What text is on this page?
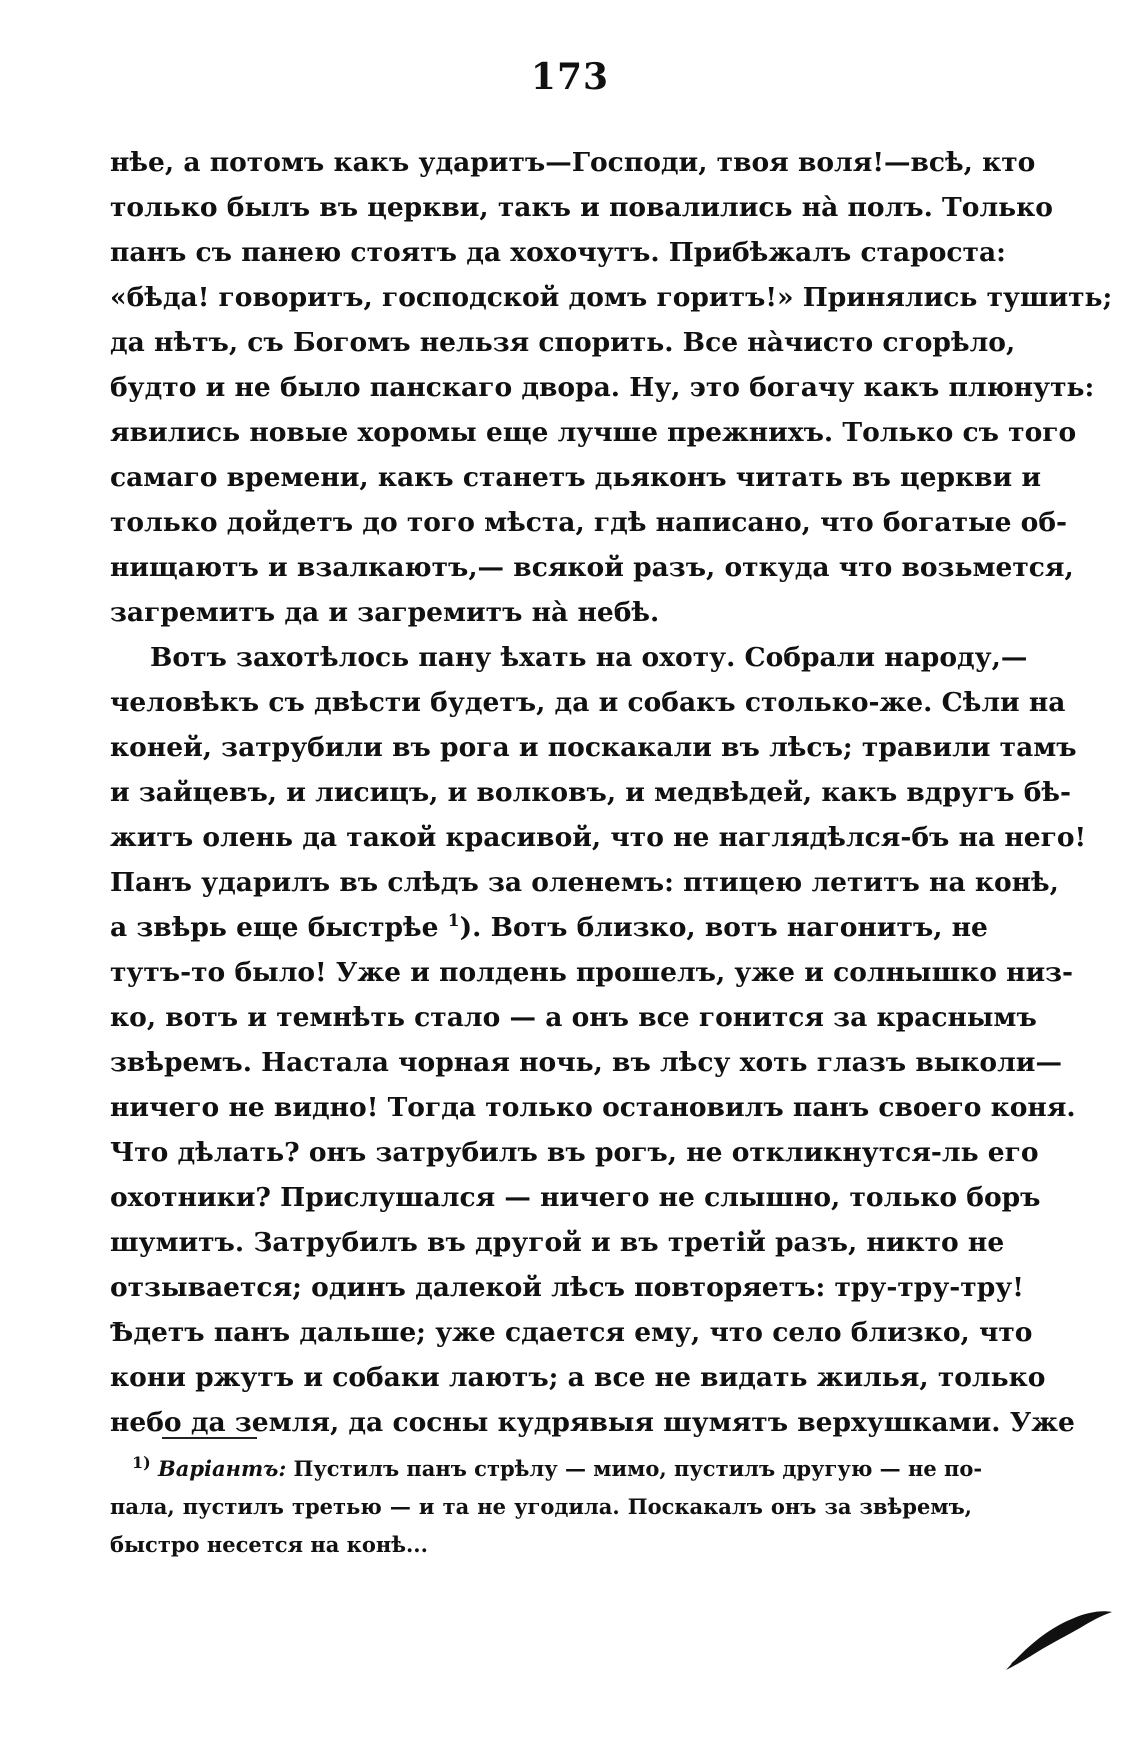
173
нѣе, а потомъ какъ ударитъ—Господи, твоя воля!—всѣ, кто
только былъ въ церкви, такъ и повалились нà полъ. Только
панъ съ панею стоятъ да хохочутъ. Прибѣжалъ староста:
«бѣда! говоритъ, господской домъ горитъ!» Принялись тушить;
да нѣтъ, съ Богомъ нельзя спорить. Все нàчисто сгорѣло,
будто и не было панскаго двора. Ну, это богачу какъ плюнуть:
явились новые хоромы еще лучше прежнихъ. Только съ того
самаго времени, какъ станетъ дьяконъ читать въ церкви и
только дойдетъ до того мѣста, гдѣ написано, что богатые об-
нищаютъ и взалкаютъ,— всякой разъ, откуда что возьмется,
загремитъ да и загремитъ нà небѣ.
Вотъ захотѣлось пану ѣхать на охоту. Собрали народу,—
человѣкъ съ двѣсти будетъ, да и собакъ столько-же. Сѣли на
коней, затрубили въ рога и поскакали въ лѣсъ; травили тамъ
и зайцевъ, и лисицъ, и волковъ, и медвѣдей, какъ вдругъ бѣ-
житъ олень да такой красивой, что не наглядѣлся-бъ на него!
Панъ ударилъ въ слѣдъ за оленемъ: птицею летитъ на конѣ,
а звѣрь еще быстрѣе $^1$). Вотъ близко, вотъ нагонитъ, не
тутъ-то было! Уже и полдень прошелъ, уже и солнышко низ-
ко, вотъ и темнѣть стало — а онъ все гонится за краснымъ
звѣремъ. Настала чорная ночь, въ лѣсу хоть глазъ выколи—
ничего не видно! Тогда только остановилъ панъ своего коня.
Что дѣлать? онъ затрубилъ въ рогъ, не откликнутся-ль его
охотники? Прислушался — ничего не слышно, только боръ
шумитъ. Затрубилъ въ другой и въ третій разъ, никто не
отзывается; одинъ далекой лѣсъ повторяетъ: тру-тру-тру!
Ѣдетъ панъ дальше; уже сдается ему, что село близко, что
кони ржутъ и собаки лаютъ; а все не видать жилья, только
небо да земля, да сосны кудрявыя шумятъ верхушками. Уже
$^{1)}$ Варіантъ: Пустилъ панъ стрѣлу — мимо, пустилъ другую — не по-
пала, пустилъ третью — и та не угодила. Поскакалъ онъ за звѣремъ,
быстро несется на конѣ...
